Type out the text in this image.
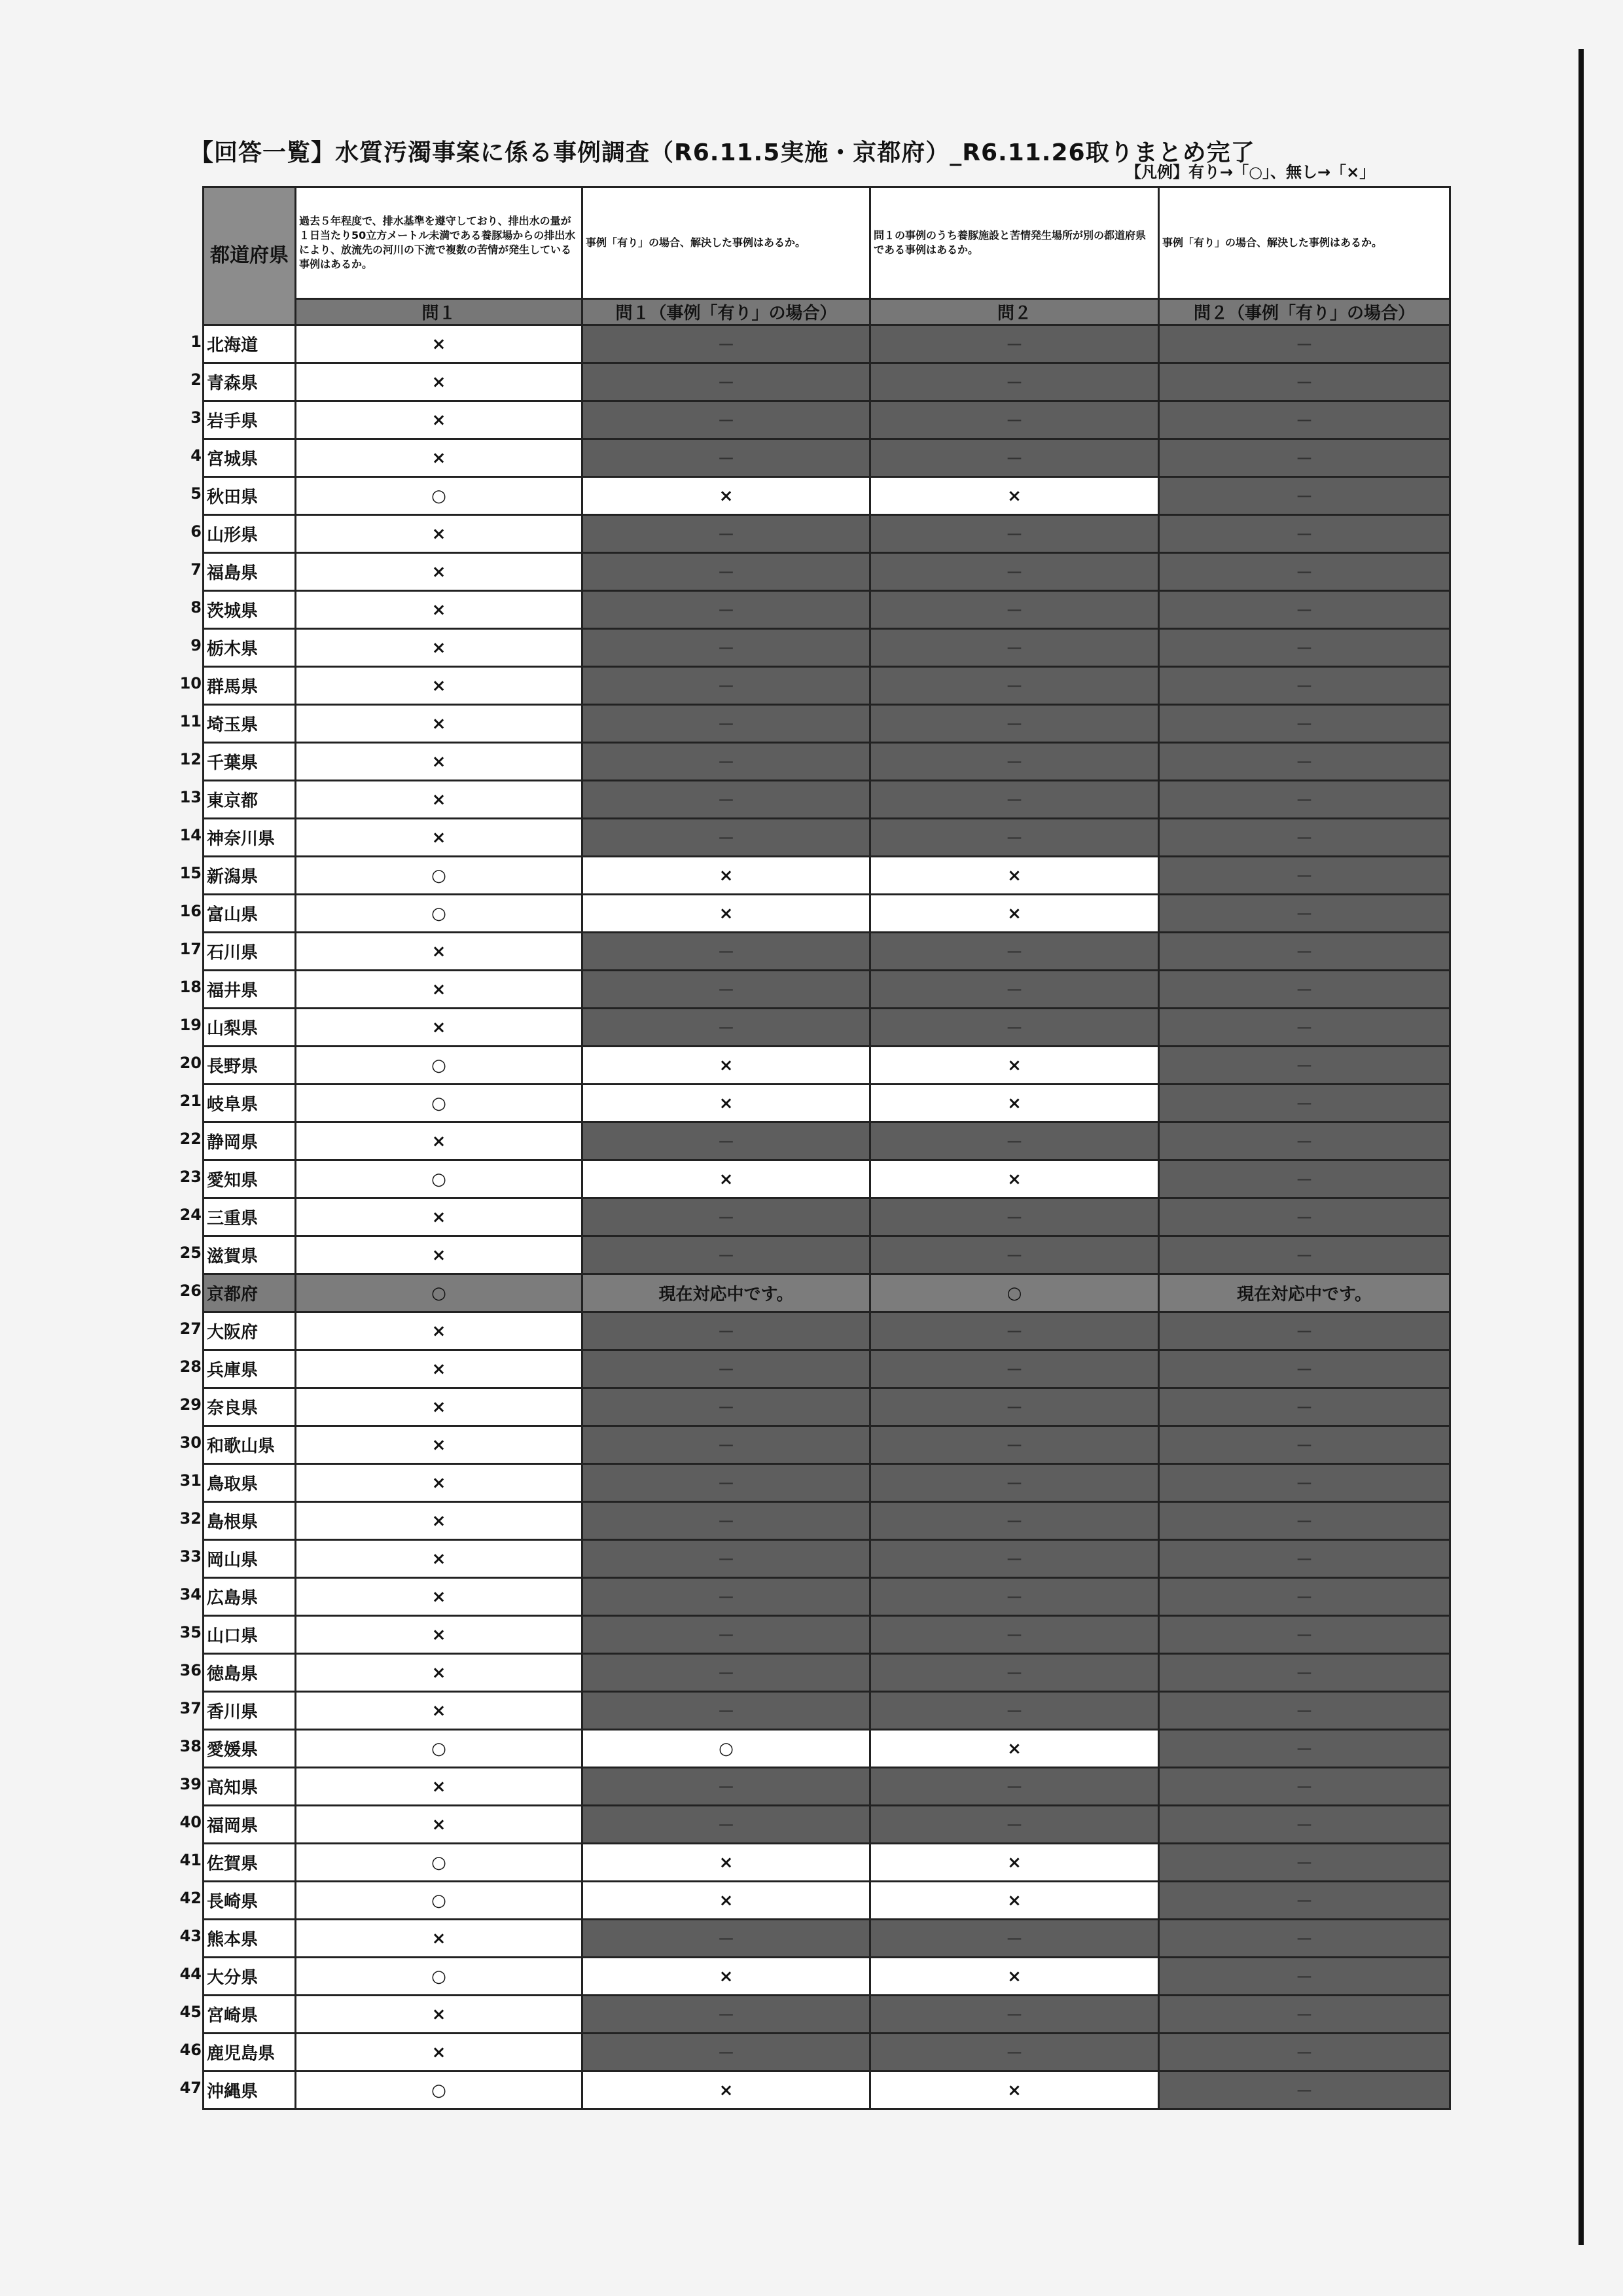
【回答一覧】水質汚濁事案に係る事例調査（R6.11.5実施・京都府）_R6.11.26取りまとめ完了
【凡例】有り→「○」、無し→「×」
都道府県	過去５年程度で、排水基準を遵守しており、排出水の量が１日当たり50立方メートル未満である養豚場からの排出水により、放流先の河川の下流で複数の苦情が発生している事例はあるか。	事例「有り」の場合、解決した事例はあるか。	問１の事例のうち養豚施設と苦情発生場所が別の都道府県である事例はあるか。	事例「有り」の場合、解決した事例はあるか。
	問１	問１（事例「有り」の場合）	問２	問２（事例「有り」の場合）

1 北海道	×	－	－	－

2 青森県	×	－	－	－

3 岩手県	×	－	－	－

4 宮城県	×	－	－	－

5 秋田県	○	×	×	－

6 山形県	×	－	－	－

7 福島県	×	－	－	－

8 茨城県	×	－	－	－

9 栃木県	×	－	－	－

10 群馬県	×	－	－	－

11 埼玉県	×	－	－	－

12 千葉県	×	－	－	－

13 東京都	×	－	－	－

14 神奈川県	×	－	－	－

15 新潟県	○	×	×	－

16 富山県	○	×	×	－

17 石川県	×	－	－	－

18 福井県	×	－	－	－

19 山梨県	×	－	－	－

20 長野県	○	×	×	－

21 岐阜県	○	×	×	－

22 静岡県	×	－	－	－

23 愛知県	○	×	×	－

24 三重県	×	－	－	－

25 滋賀県	×	－	－	－

26 京都府	○	現在対応中です。	○	現在対応中です。

27 大阪府	×	－	－	－

28 兵庫県	×	－	－	－

29 奈良県	×	－	－	－

30 和歌山県	×	－	－	－

31 鳥取県	×	－	－	－

32 島根県	×	－	－	－

33 岡山県	×	－	－	－

34 広島県	×	－	－	－

35 山口県	×	－	－	－

36 徳島県	×	－	－	－

37 香川県	×	－	－	－

38 愛媛県	○	○	×	－

39 高知県	×	－	－	－

40 福岡県	×	－	－	－

41 佐賀県	○	×	×	－

42 長崎県	○	×	×	－

43 熊本県	×	－	－	－

44 大分県	○	×	×	－

45 宮崎県	×	－	－	－

46 鹿児島県	×	－	－	－

47 沖縄県	○	×	×	－
